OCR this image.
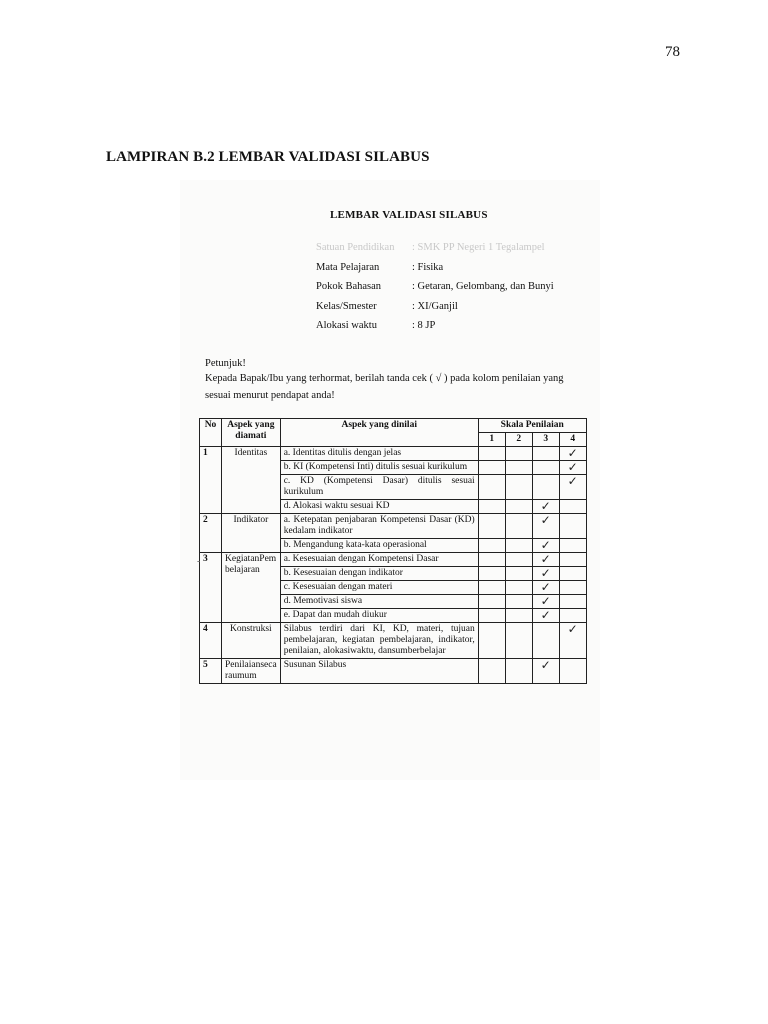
78
LAMPIRAN B.2 LEMBAR VALIDASI SILABUS
LEMBAR VALIDASI SILABUS
Satuan Pendidikan	: SMK PP Negeri 1 Tegalampel
Mata Pelajaran	: Fisika
Pokok Bahasan	: Getaran, Gelombang, dan Bunyi
Kelas/Smester	: XI/Ganjil
Alokasi waktu	: 8 JP
Petunjuk!
Kepada Bapak/Ibu yang terhormat, berilah tanda cek ( √ ) pada kolom penilaian yang
sesuai menurut pendapat anda!
No	Aspek yang diamati	Aspek yang dinilai	Skala Penilaian			
			1	2	3	4
1	Identitas	a. Identitas ditulis dengan jelas				✓

		b. KI (Kompetensi Inti) ditulis sesuai kurikulum				✓

		c. KD (Kompetensi Dasar) ditulis sesuai kurikulum				✓

		d. Alokasi waktu sesuai KD			✓	

2	Indikator	a. Ketepatan penjabaran Kompetensi Dasar (KD) kedalam indikator			✓	

		b. Mengandung kata-kata operasional			✓	

3	KegiatanPem belajaran	a. Kesesuaian dengan Kompetensi Dasar			✓	

		b. Kesesuaian dengan indikator			✓	

		c. Kesesuaian dengan materi			✓	

		d. Memotivasi siswa			✓	

		e. Dapat dan mudah diukur			✓	

4	Konstruksi	Silabus terdiri dari KI, KD, materi, tujuan pembelajaran, kegiatan pembelajaran, indikator, penilaian, alokasiwaktu, dansumberbelajar				✓

5	Penilaianseca raumum	Susunan Silabus			✓	

-
